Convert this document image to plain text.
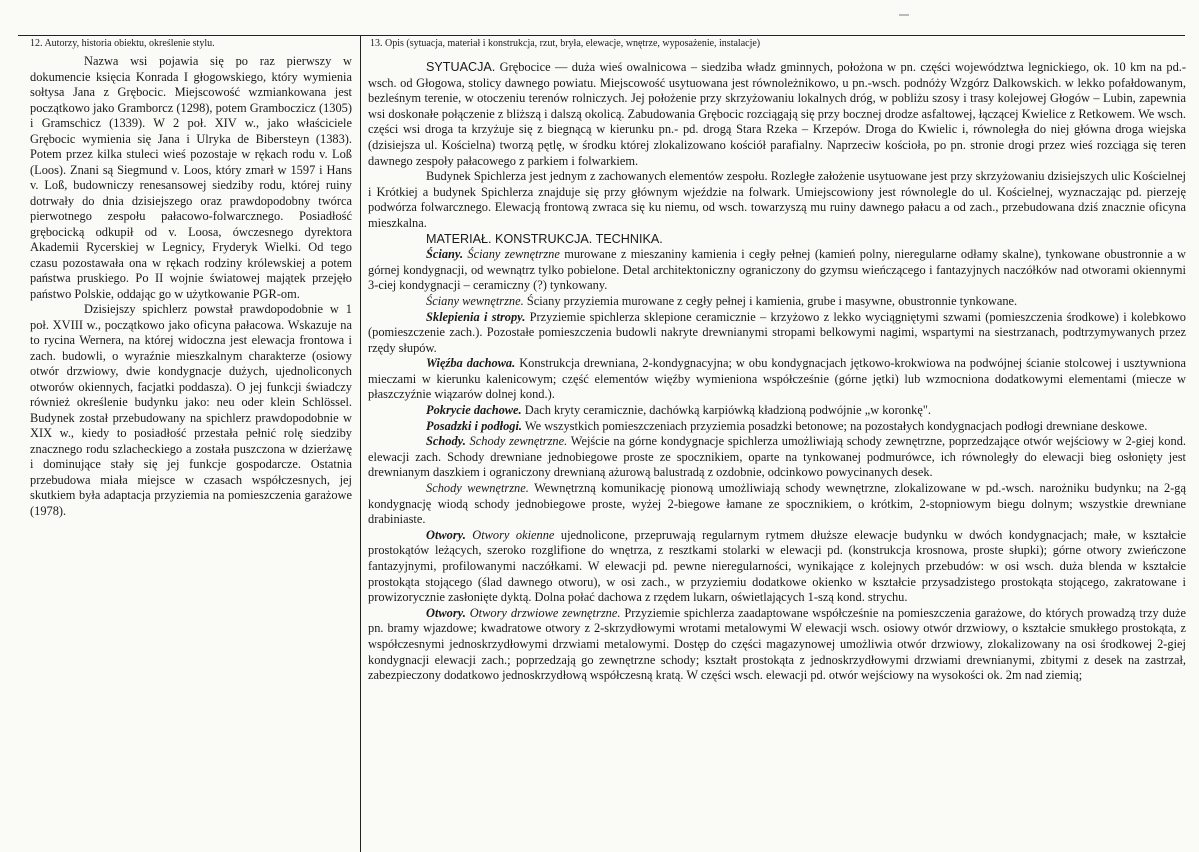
12. Autorzy, historia obiektu, określenie stylu.	13. Opis (sytuacja, materiał i konstrukcja, rzut, bryła, elewacje, wnętrze, wyposażenie, instalacje)

Nazwa wsi pojawia się po raz pierwszy w dokumencie księcia Konrada I głogowskiego, który wymienia sołtysa Jana z Grębocic. Miejscowość wzmiankowana jest początkowo jako Gramborcz (1298), potem Gramboczicz (1305) i Gramschicz (1339). W 2 poł. XIV w., jako właściciele Grębocic wymienia się Jana i Ulryka de Bibersteyn (1383). Potem przez kilka stuleci wieś pozostaje w rękach rodu v. Loß (Loos). Znani są Siegmund v. Loos, który zmarł w 1597 i Hans v. Loß, budowniczy renesansowej siedziby rodu, której ruiny dotrwały do dnia dzisiejszego oraz prawdopodobny twórca pierwotnego zespołu pałacowo-folwarcznego. Posiadłość grębocicką odkupił od v. Loosa, ówczesnego dyrektora Akademii Rycerskiej w Legnicy, Fryderyk Wielki. Od tego czasu pozostawała ona w rękach rodziny królewskiej a potem państwa pruskiego. Po II wojnie światowej majątek przejęło państwo Polskie, oddając go w użytkowanie PGR-om.

Dzisiejszy spichlerz powstał prawdopodobnie w 1 poł. XVIII w., początkowo jako oficyna pałacowa. Wskazuje na to rycina Wernera, na której widoczna jest elewacja frontowa i zach. budowli, o wyraźnie mieszkalnym charakterze (osiowy otwór drzwiowy, dwie kondygnacje dużych, ujednoliconych otworów okiennych, facjatki poddasza). O jej funkcji świadczy również określenie budynku jako: neu oder klein Schlössel. Budynek został przebudowany na spichlerz prawdopodobnie w XIX w., kiedy to posiadłość przestała pełnić rolę siedziby znacznego rodu szlacheckiego a została puszczona w dzierżawę i dominujące stały się jej funkcje gospodarcze. Ostatnia przebudowa miała miejsce w czasach współczesnych, jej skutkiem była adaptacja przyziemia na pomieszczenia garażowe (1978).

SYTUACJA. Grębocice — duża wieś owalnicowa – siedziba władz gminnych, położona w pn. części województwa legnickiego, ok. 10 km na pd.- wsch. od Głogowa, stolicy dawnego powiatu. Miejscowość usytuowana jest równoleżnikowo, u pn.-wsch. podnóży Wzgórz Dalkowskich. w lekko pofałdowanym, bezleśnym terenie, w otoczeniu terenów rolniczych. Jej położenie przy skrzyżowaniu lokalnych dróg, w pobliżu szosy i trasy kolejowej Głogów – Lubin, zapewnia wsi doskonałe połączenie z bliższą i dalszą okolicą. Zabudowania Grębocic rozciągają się przy bocznej drodze asfaltowej, łączącej Kwielice z Retkowem. We wsch. części wsi droga ta krzyżuje się z biegnącą w kierunku pn.- pd. drogą Stara Rzeka – Krzepów. Droga do Kwielic i, równoległa do niej główna droga wiejska (dzisiejsza ul. Kościelna) tworzą pętlę, w środku której zlokalizowano kościół parafialny. Naprzeciw kościoła, po pn. stronie drogi przez wieś rozciąga się teren dawnego zespoły pałacowego z parkiem i folwarkiem.

Budynek Spichlerza jest jednym z zachowanych elementów zespołu. Rozległe założenie usytuowane jest przy skrzyżowaniu dzisiejszych ulic Kościelnej i Krótkiej a budynek Spichlerza znajduje się przy głównym wjeździe na folwark. Umiejscowiony jest równolegle do ul. Kościelnej, wyznaczając pd. pierzeję podwórza folwarcznego. Elewacją frontową zwraca się ku niemu, od wsch. towarzyszą mu ruiny dawnego pałacu a od zach., przebudowana dziś znacznie oficyna mieszkalna.

MATERIAŁ. KONSTRUKCJA. TECHNIKA.

Ściany. Ściany zewnętrzne murowane z mieszaniny kamienia i cegły pełnej (kamień polny, nieregularne odłamy skalne), tynkowane obustronnie a w górnej kondygnacji, od wewnątrz tylko pobielone. Detal architektoniczny ograniczony do gzymsu wieńczącego i fantazyjnych naczółków nad otworami okiennymi 3-ciej kondygnacji – ceramiczny (?) tynkowany.

Ściany wewnętrzne. Ściany przyziemia murowane z cegły pełnej i kamienia, grube i masywne, obustronnie tynkowane.

Sklepienia i stropy. Przyziemie spichlerza sklepione ceramicznie – krzyżowo z lekko wyciągniętymi szwami (pomieszczenia środkowe) i kolebkowo (pomieszczenie zach.). Pozostałe pomieszczenia budowli nakryte drewnianymi stropami belkowymi nagimi, wspartymi na siestrzanach, podtrzymywanych przez rzędy słupów.

Więźba dachowa. Konstrukcja drewniana, 2-kondygnacyjna; w obu kondygnacjach jętkowo-krokwiowa na podwójnej ścianie stolcowej i usztywniona mieczami w kierunku kalenicowym; część elementów więźby wymieniona współcześnie (górne jętki) lub wzmocniona dodatkowymi elementami (miecze w płaszczyźnie wiązarów dolnej kond.).

Pokrycie dachowe. Dach kryty ceramicznie, dachówką karpiówką kładzioną podwójnie „w koronkę".

Posadzki i podłogi. We wszystkich pomieszczeniach przyziemia posadzki betonowe; na pozostałych kondygnacjach podłogi drewniane deskowe.

Schody. Schody zewnętrzne. Wejście na górne kondygnacje spichlerza umożliwiają schody zewnętrzne, poprzedzające otwór wejściowy w 2-giej kond. elewacji zach. Schody drewniane jednobiegowe proste ze spocznikiem, oparte na tynkowanej podmurówce, ich równoległy do elewacji bieg osłonięty jest drewnianym daszkiem i ograniczony drewnianą ażurową balustradą z ozdobnie, odcinkowo powycinanych desek.

Schody wewnętrzne. Wewnętrzną komunikację pionową umożliwiają schody wewnętrzne, zlokalizowane w pd.-wsch. narożniku budynku; na 2-gą kondygnację wiodą schody jednobiegowe proste, wyżej 2-biegowe łamane ze spocznikiem, o krótkim, 2-stopniowym biegu dolnym; wszystkie drewniane drabiniaste.

Otwory. Otwory okienne ujednolicone, przepruwają regularnym rytmem dłuższe elewacje budynku w dwóch kondygnacjach; małe, w kształcie prostokątów leżących, szeroko rozglifione do wnętrza, z resztkami stolarki w elewacji pd. (konstrukcja krosnowa, proste słupki); górne otwory zwieńczone fantazyjnymi, profilowanymi naczółkami. W elewacji pd. pewne nieregularności, wynikające z kolejnych przebudów: w osi wsch. duża blenda w kształcie prostokąta stojącego (ślad dawnego otworu), w osi zach., w przyziemiu dodatkowe okienko w kształcie przysadzistego prostokąta stojącego, zakratowane i prowizorycznie zasłonięte dyktą. Dolna połać dachowa z rzędem lukarn, oświetlających 1-szą kond. strychu.

Otwory. Otwory drzwiowe zewnętrzne. Przyziemie spichlerza zaadaptowane współcześnie na pomieszczenia garażowe, do których prowadzą trzy duże pn. bramy wjazdowe; kwadratowe otwory z 2-skrzydłowymi wrotami metalowymi W elewacji wsch. osiowy otwór drzwiowy, o kształcie smukłego prostokąta, z współczesnymi jednoskrzydłowymi drzwiami metalowymi. Dostęp do części magazynowej umożliwia otwór drzwiowy, zlokalizowany na osi środkowej 2-giej kondygnacji elewacji zach.; poprzedzają go zewnętrzne schody; kształt prostokąta z jednoskrzydłowymi drzwiami drewnianymi, zbitymi z desek na zastrzał, zabezpieczony dodatkowo jednoskrzydłową współczesną kratą. W części wsch. elewacji pd. otwór wejściowy na wysokości ok. 2m nad ziemią;
